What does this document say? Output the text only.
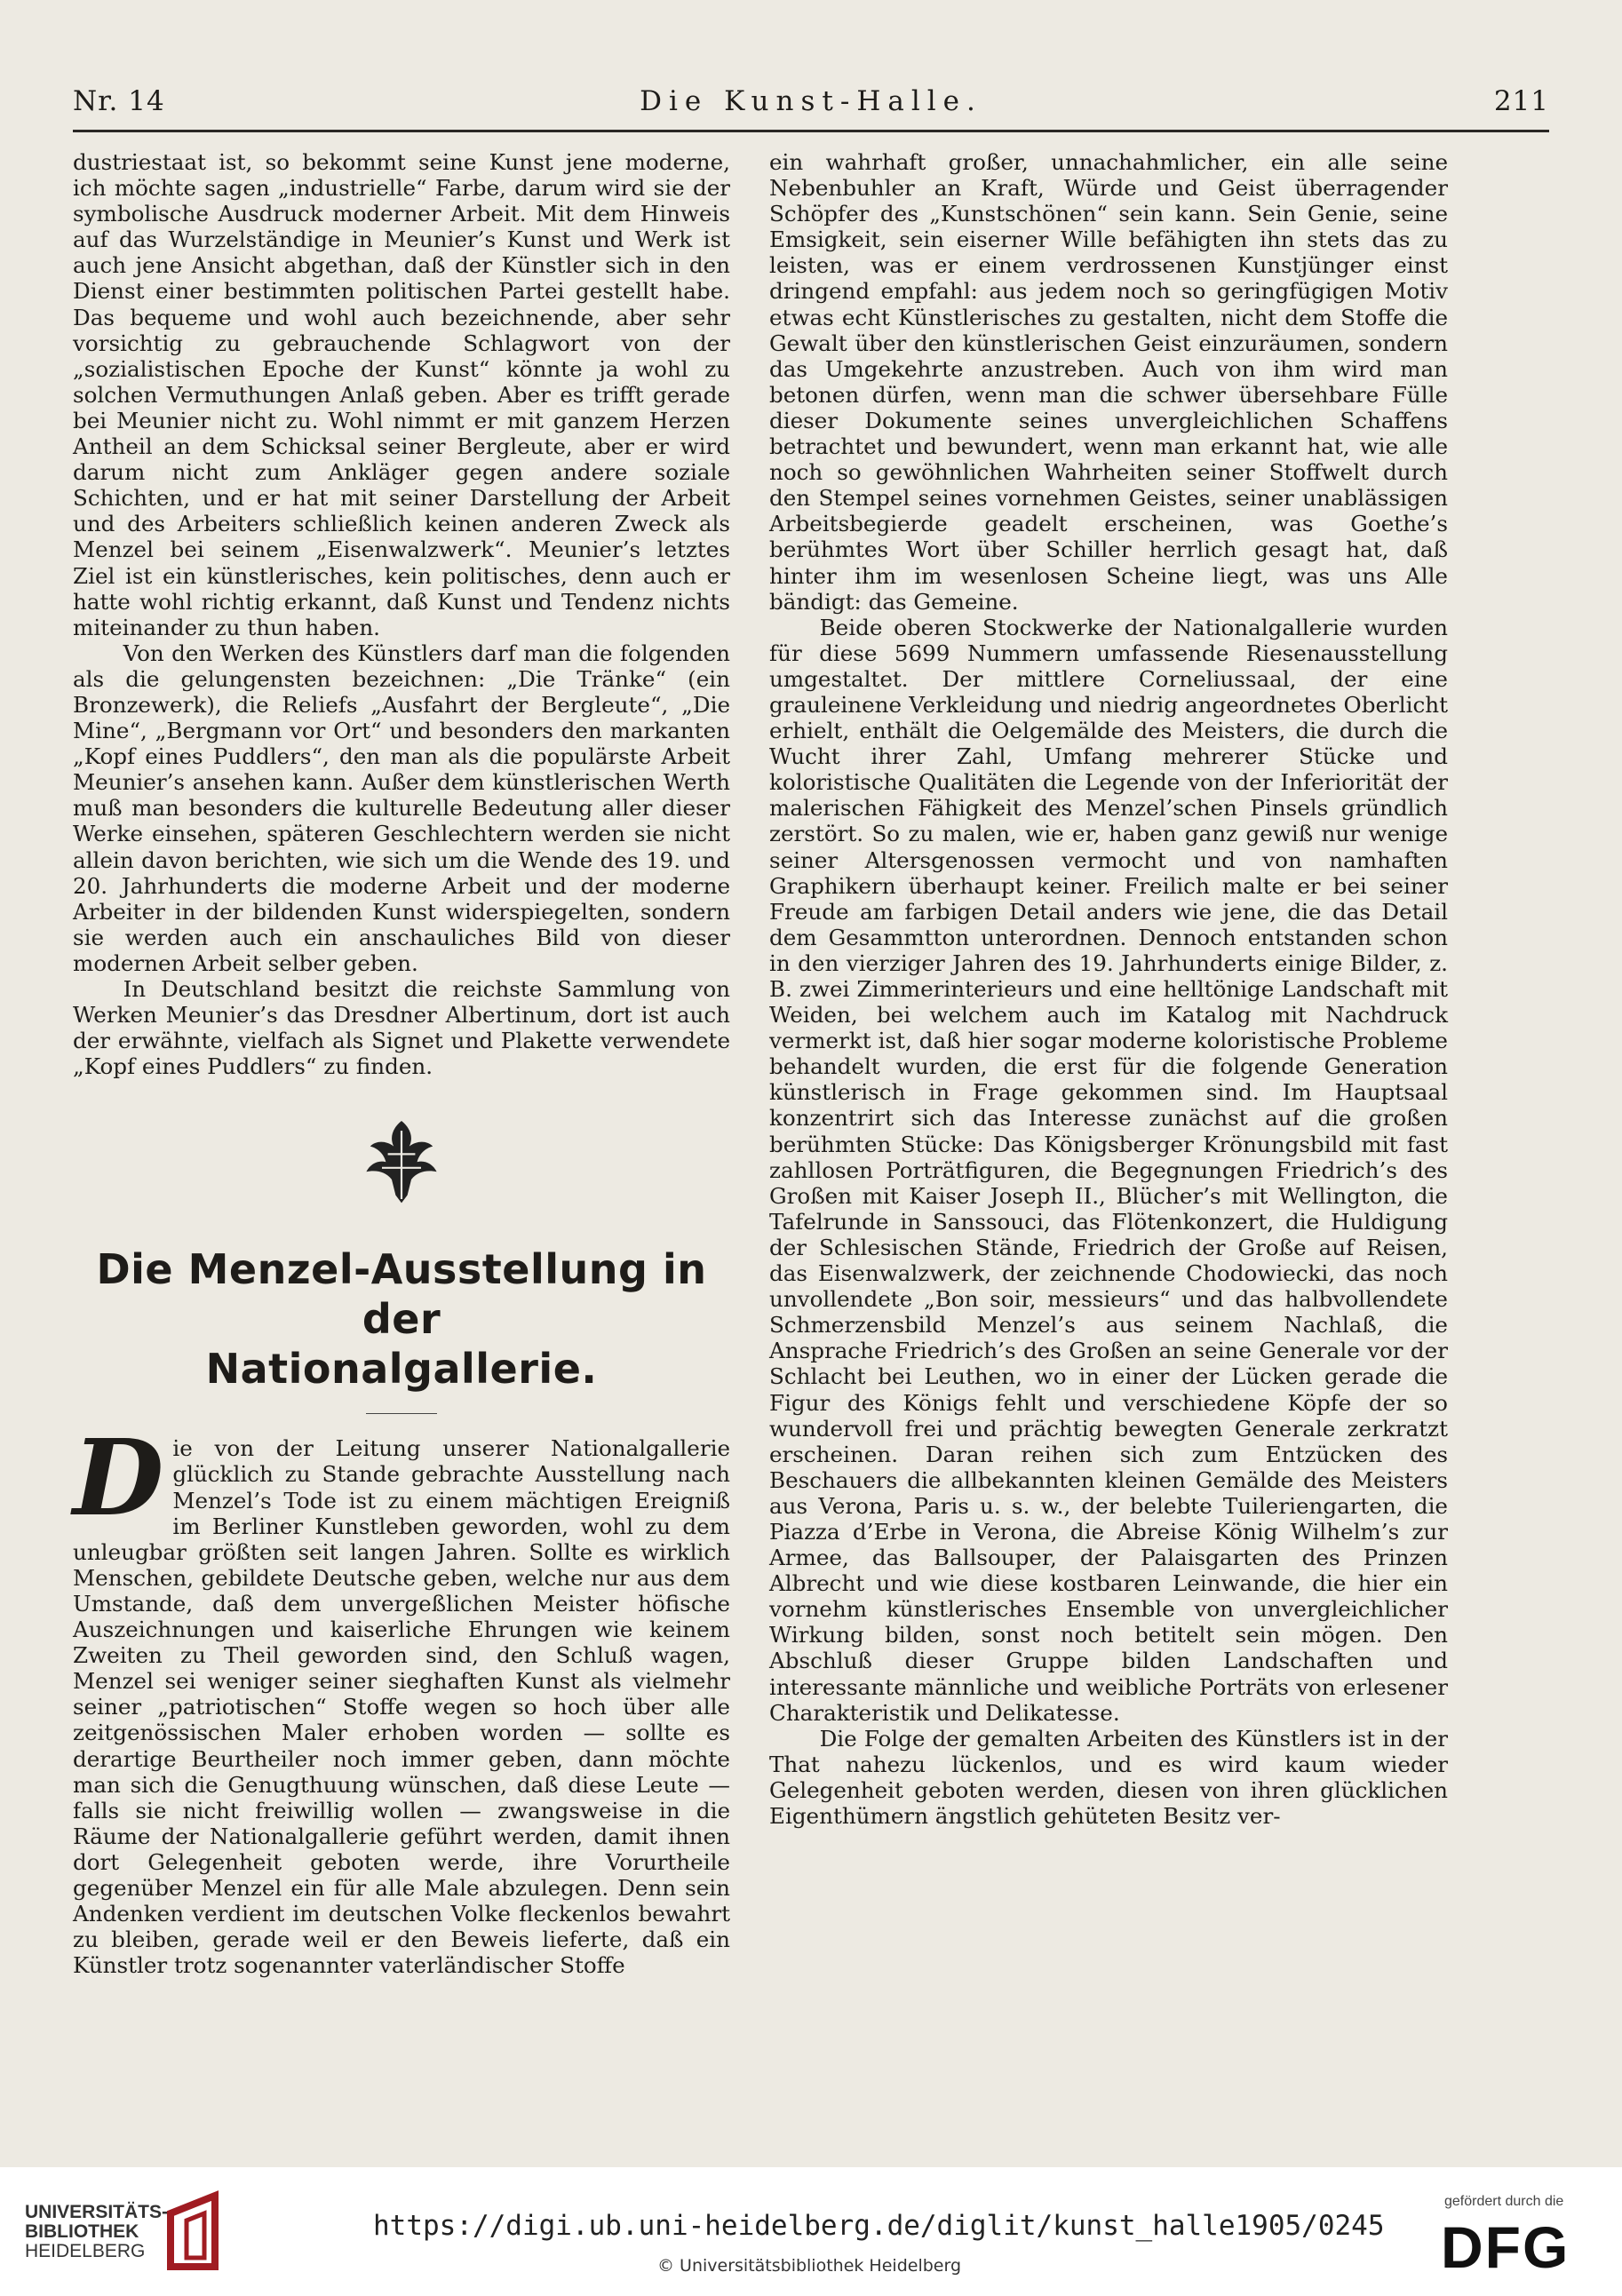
Nr. 14	Die Kunst-Halle.	211

dustriestaat ist, so bekommt seine Kunst jene moderne, ich möchte sagen „industrielle“ Farbe, darum wird sie der symbolische Ausdruck moderner Arbeit. Mit dem Hinweis auf das Wurzelständige in Meunier’s Kunst und Werk ist auch jene Ansicht abgethan, daß der Künstler sich in den Dienst einer bestimmten politischen Partei gestellt habe. Das bequeme und wohl auch bezeichnende, aber sehr vorsichtig zu gebrauchende Schlagwort von der „sozialistischen Epoche der Kunst“ könnte ja wohl zu solchen Vermuthungen Anlaß geben. Aber es trifft gerade bei Meunier nicht zu. Wohl nimmt er mit ganzem Herzen Antheil an dem Schicksal seiner Bergleute, aber er wird darum nicht zum Ankläger gegen andere soziale Schichten, und er hat mit seiner Darstellung der Arbeit und des Arbeiters schließlich keinen anderen Zweck als Menzel bei seinem „Eisenwalzwerk“. Meunier’s letztes Ziel ist ein künstlerisches, kein politisches, denn auch er hatte wohl richtig erkannt, daß Kunst und Tendenz nichts miteinander zu thun haben.

Von den Werken des Künstlers darf man die folgenden als die gelungensten bezeichnen: „Die Tränke“ (ein Bronzewerk), die Reliefs „Ausfahrt der Bergleute“, „Die Mine“, „Bergmann vor Ort“ und besonders den markanten „Kopf eines Puddlers“, den man als die populärste Arbeit Meunier’s ansehen kann. Außer dem künstlerischen Werth muß man besonders die kulturelle Bedeutung aller dieser Werke einsehen, späteren Geschlechtern werden sie nicht allein davon berichten, wie sich um die Wende des 19. und 20. Jahrhunderts die moderne Arbeit und der moderne Arbeiter in der bildenden Kunst widerspiegelten, sondern sie werden auch ein anschauliches Bild von dieser modernen Arbeit selber geben.

In Deutschland besitzt die reichste Sammlung von Werken Meunier’s das Dresdner Albertinum, dort ist auch der erwähnte, vielfach als Signet und Plakette verwendete „Kopf eines Puddlers“ zu finden.

Die Menzel-Ausstellung in der
Nationalgallerie.

Die von der Leitung unserer Nationalgallerie glücklich zu Stande gebrachte Ausstellung nach Menzel’s Tode ist zu einem mächtigen Ereigniß im Berliner Kunstleben geworden, wohl zu dem unleugbar größten seit langen Jahren. Sollte es wirklich Menschen, gebildete Deutsche geben, welche nur aus dem Umstande, daß dem unvergeßlichen Meister höfische Auszeichnungen und kaiserliche Ehrungen wie keinem Zweiten zu Theil geworden sind, den Schluß wagen, Menzel sei weniger seiner sieghaften Kunst als vielmehr seiner „patriotischen“ Stoffe wegen so hoch über alle zeitgenössischen Maler erhoben worden — sollte es derartige Beurtheiler noch immer geben, dann möchte man sich die Genugthuung wünschen, daß diese Leute — falls sie nicht freiwillig wollen — zwangsweise in die Räume der Nationalgallerie geführt werden, damit ihnen dort Gelegenheit geboten werde, ihre Vorurtheile gegenüber Menzel ein für alle Male abzulegen. Denn sein Andenken verdient im deutschen Volke fleckenlos bewahrt zu bleiben, gerade weil er den Beweis lieferte, daß ein Künstler trotz sogenannter vaterländischer Stoffe

ein wahrhaft großer, unnachahmlicher, ein alle seine Nebenbuhler an Kraft, Würde und Geist überragender Schöpfer des „Kunstschönen“ sein kann. Sein Genie, seine Emsigkeit, sein eiserner Wille befähigten ihn stets das zu leisten, was er einem verdrossenen Kunstjünger einst dringend empfahl: aus jedem noch so geringfügigen Motiv etwas echt Künstlerisches zu gestalten, nicht dem Stoffe die Gewalt über den künstlerischen Geist einzuräumen, sondern das Umgekehrte anzustreben. Auch von ihm wird man betonen dürfen, wenn man die schwer übersehbare Fülle dieser Dokumente seines unvergleichlichen Schaffens betrachtet und bewundert, wenn man erkannt hat, wie alle noch so gewöhnlichen Wahrheiten seiner Stoffwelt durch den Stempel seines vornehmen Geistes, seiner unablässigen Arbeitsbegierde geadelt erscheinen, was Goethe’s berühmtes Wort über Schiller herrlich gesagt hat, daß hinter ihm im wesenlosen Scheine liegt, was uns Alle bändigt: das Gemeine.

Beide oberen Stockwerke der Nationalgallerie wurden für diese 5699 Nummern umfassende Riesenausstellung umgestaltet. Der mittlere Corneliussaal, der eine grauleinene Verkleidung und niedrig angeordnetes Oberlicht erhielt, enthält die Oelgemälde des Meisters, die durch die Wucht ihrer Zahl, Umfang mehrerer Stücke und koloristische Qualitäten die Legende von der Inferiorität der malerischen Fähigkeit des Menzel’schen Pinsels gründlich zerstört. So zu malen, wie er, haben ganz gewiß nur wenige seiner Altersgenossen vermocht und von namhaften Graphikern überhaupt keiner. Freilich malte er bei seiner Freude am farbigen Detail anders wie jene, die das Detail dem Gesammtton unterordnen. Dennoch entstanden schon in den vierziger Jahren des 19. Jahrhunderts einige Bilder, z. B. zwei Zimmerinterieurs und eine helltönige Landschaft mit Weiden, bei welchem auch im Katalog mit Nachdruck vermerkt ist, daß hier sogar moderne koloristische Probleme behandelt wurden, die erst für die folgende Generation künstlerisch in Frage gekommen sind. Im Hauptsaal konzentrirt sich das Interesse zunächst auf die großen berühmten Stücke: Das Königsberger Krönungsbild mit fast zahllosen Porträtfiguren, die Begegnungen Friedrich’s des Großen mit Kaiser Joseph II., Blücher’s mit Wellington, die Tafelrunde in Sanssouci, das Flötenkonzert, die Huldigung der Schlesischen Stände, Friedrich der Große auf Reisen, das Eisenwalzwerk, der zeichnende Chodowiecki, das noch unvollendete „Bon soir, messieurs“ und das halbvollendete Schmerzensbild Menzel’s aus seinem Nachlaß, die Ansprache Friedrich’s des Großen an seine Generale vor der Schlacht bei Leuthen, wo in einer der Lücken gerade die Figur des Königs fehlt und verschiedene Köpfe der so wundervoll frei und prächtig bewegten Generale zerkratzt erscheinen. Daran reihen sich zum Entzücken des Beschauers die allbekannten kleinen Gemälde des Meisters aus Verona, Paris u. s. w., der belebte Tuileriengarten, die Piazza d’Erbe in Verona, die Abreise König Wilhelm’s zur Armee, das Ballsouper, der Palaisgarten des Prinzen Albrecht und wie diese kostbaren Leinwande, die hier ein vornehm künstlerisches Ensemble von unvergleichlicher Wirkung bilden, sonst noch betitelt sein mögen. Den Abschluß dieser Gruppe bilden Landschaften und interessante männliche und weibliche Porträts von erlesener Charakteristik und Delikatesse.

Die Folge der gemalten Arbeiten des Künstlers ist in der That nahezu lückenlos, und es wird kaum wieder Gelegenheit geboten werden, diesen von ihren glücklichen Eigenthümern ängstlich gehüteten Besitz ver-

UNIVERSITÄTS-
BIBLIOTHEK
HEIDELBERG
https://digi.ub.uni-heidelberg.de/diglit/kunst_halle1905/0245
© Universitätsbibliothek Heidelberg
gefördert durch die
DFG
